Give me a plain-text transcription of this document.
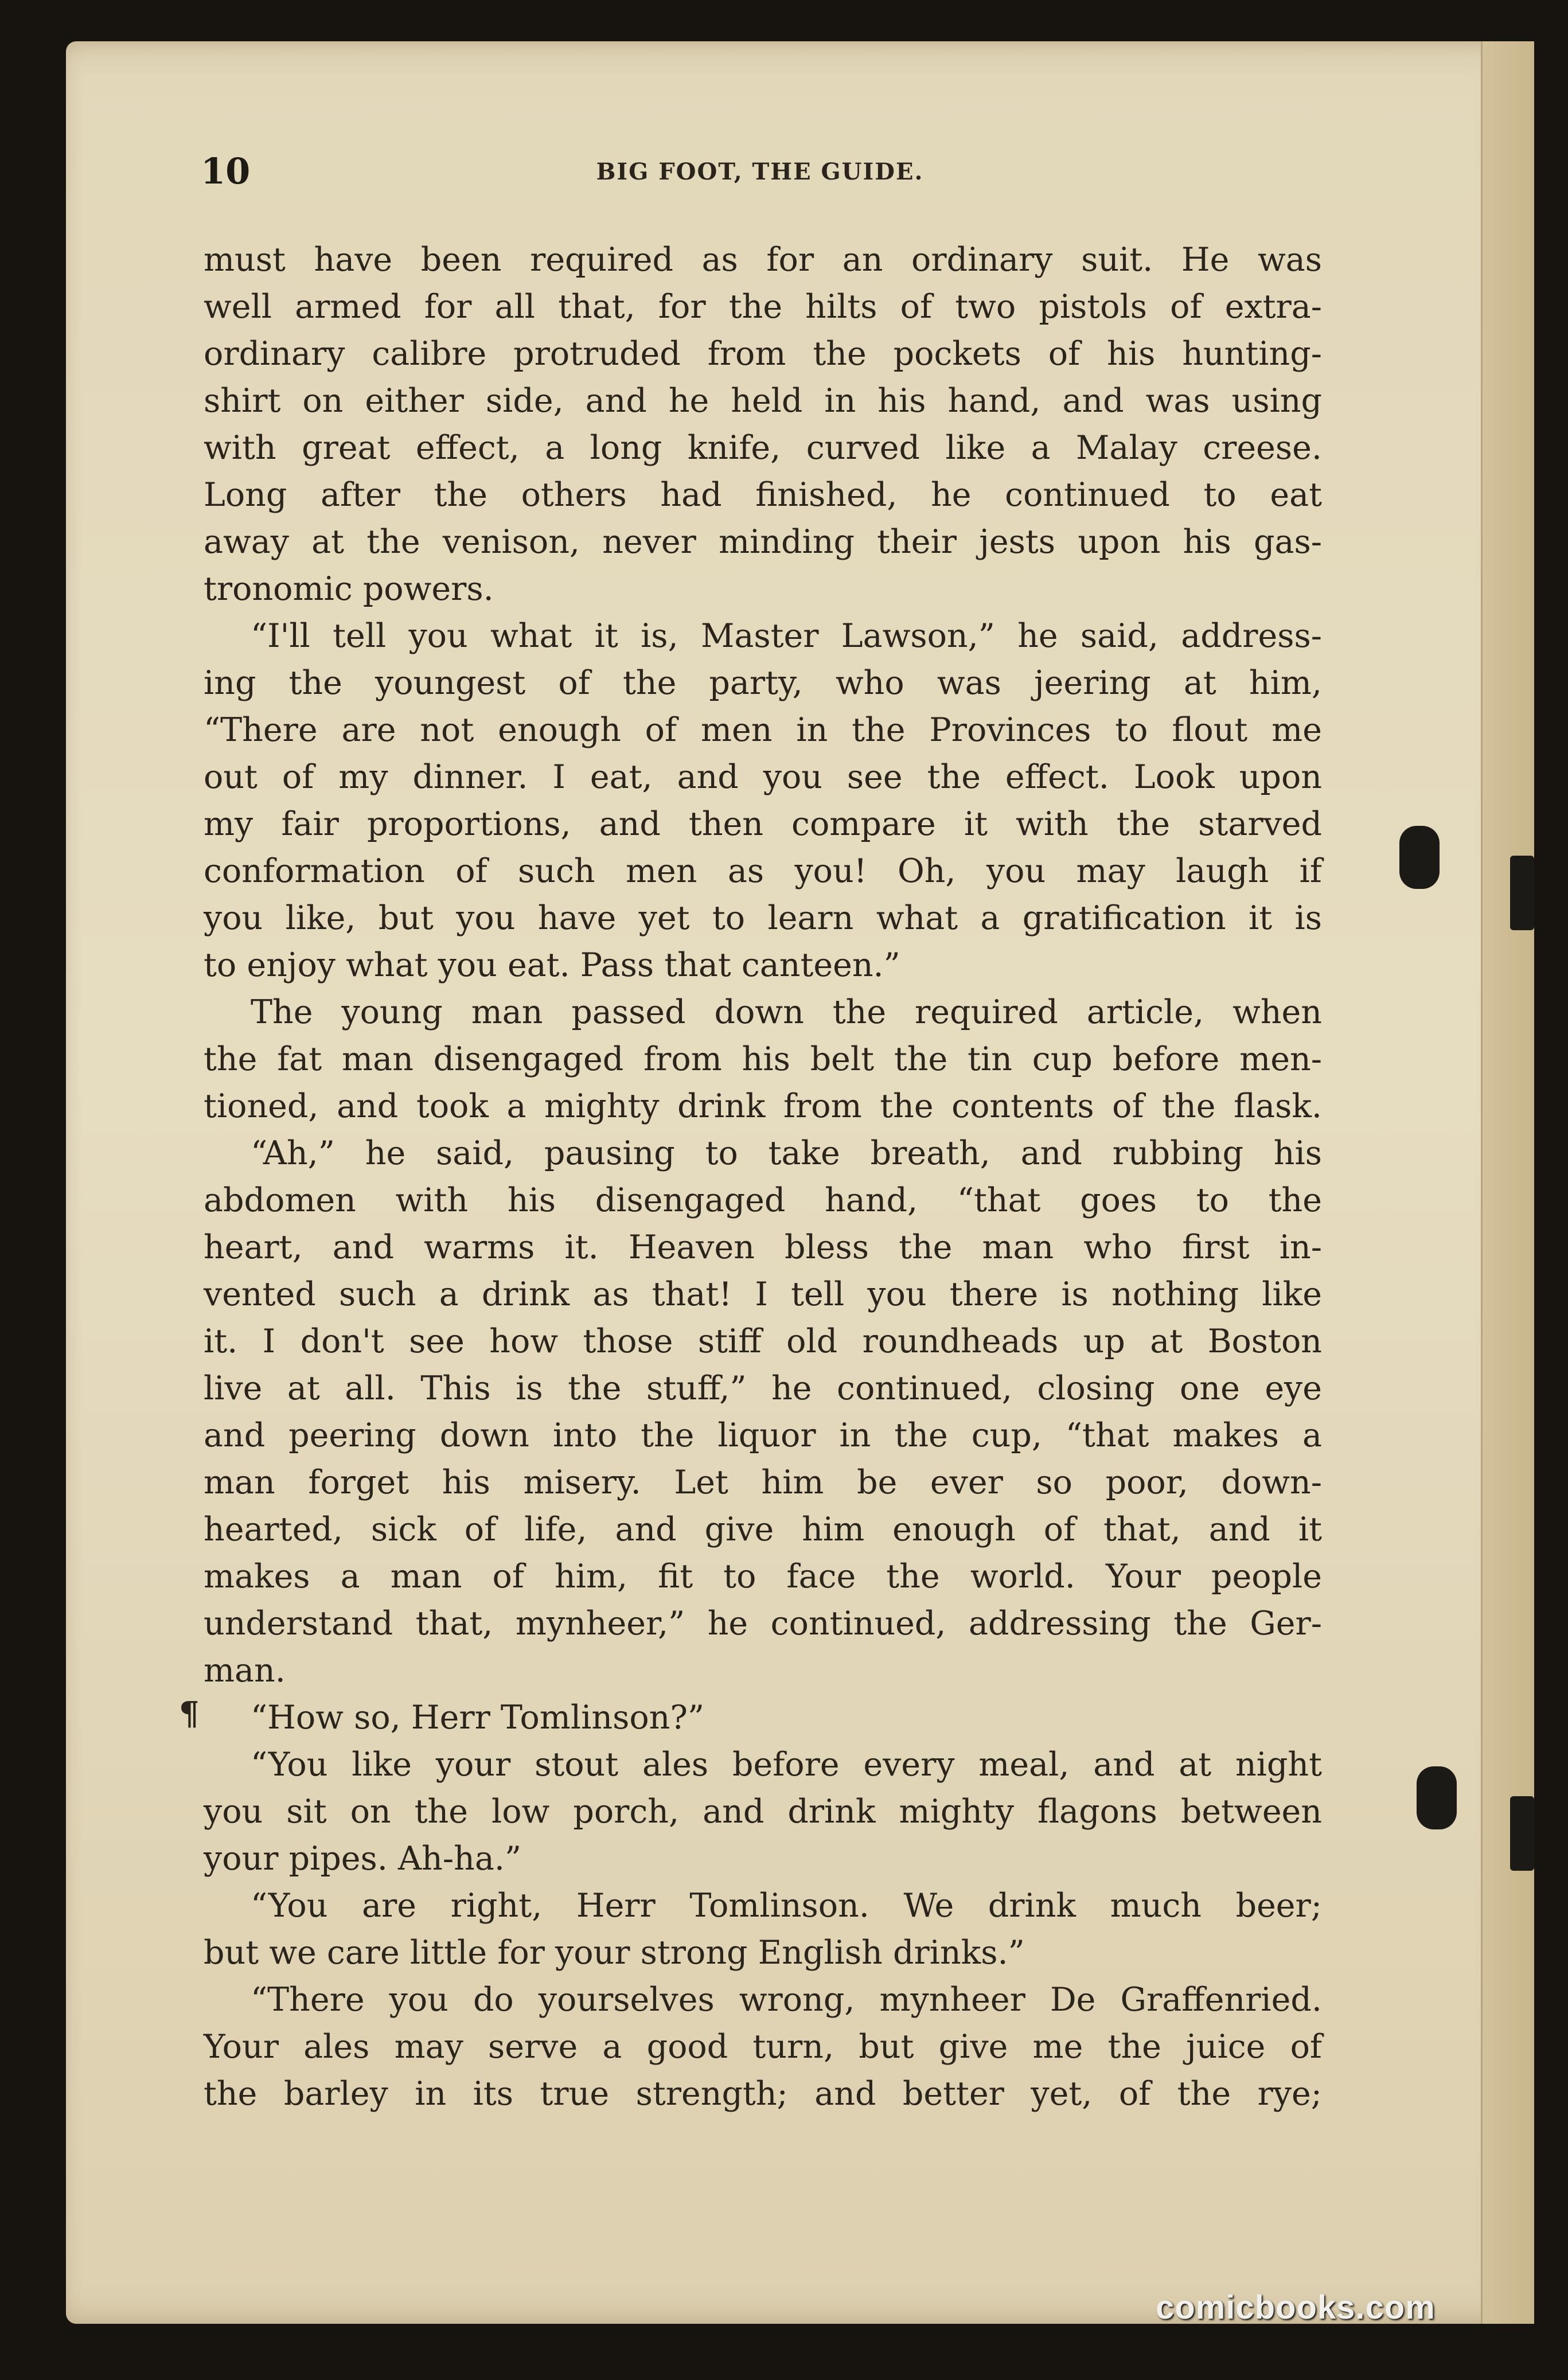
10	BIG FOOT, THE GUIDE.
¶

must have been required as for an ordinary suit. He was

well armed for all that, for the hilts of two pistols of extra-

ordinary calibre protruded from the pockets of his hunting-

shirt on either side, and he held in his hand, and was using

with great effect, a long knife, curved like a Malay creese.

Long after the others had finished, he continued to eat

away at the venison, never minding their jests upon his gas-

tronomic powers.

“I'll tell you what it is, Master Lawson,” he said, address-

ing the youngest of the party, who was jeering at him,

“There are not enough of men in the Provinces to flout me

out of my dinner. I eat, and you see the effect. Look upon

my fair proportions, and then compare it with the starved

conformation of such men as you! Oh, you may laugh if

you like, but you have yet to learn what a gratification it is

to enjoy what you eat. Pass that canteen.”

The young man passed down the required article, when

the fat man disengaged from his belt the tin cup before men-

tioned, and took a mighty drink from the contents of the flask.

“Ah,” he said, pausing to take breath, and rubbing his

abdomen with his disengaged hand, “that goes to the

heart, and warms it. Heaven bless the man who first in-

vented such a drink as that! I tell you there is nothing like

it. I don't see how those stiff old roundheads up at Boston

live at all. This is the stuff,” he continued, closing one eye

and peering down into the liquor in the cup, “that makes a

man forget his misery. Let him be ever so poor, down-

hearted, sick of life, and give him enough of that, and it

makes a man of him, fit to face the world. Your people

understand that, mynheer,” he continued, addressing the Ger-

man.

“How so, Herr Tomlinson?”

“You like your stout ales before every meal, and at night

you sit on the low porch, and drink mighty flagons between

your pipes. Ah-ha.”

“You are right, Herr Tomlinson. We drink much beer;

but we care little for your strong English drinks.”

“There you do yourselves wrong, mynheer De Graffenried.

Your ales may serve a good turn, but give me the juice of

the barley in its true strength; and better yet, of the rye;

comicbooks.com
